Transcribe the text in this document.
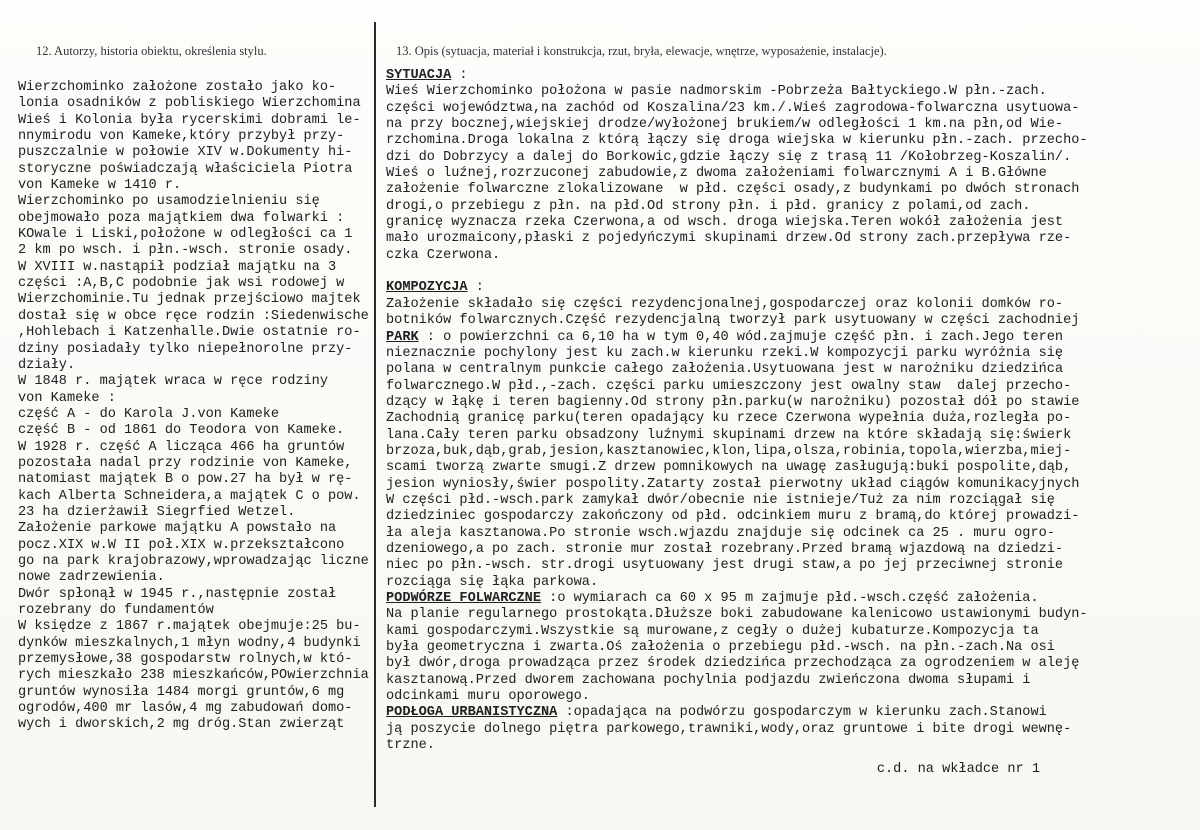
12. Autorzy, historia obiektu, określenia stylu.	13. Opis (sytuacja, materiał i konstrukcja, rzut, bryła, elewacje, wnętrze, wyposażenie, instalacje).
Wierzchominko założone zostało jako ko-
lonia osadników z pobliskiego Wierzchomina
Wieś i Kolonia była rycerskimi dobrami le-
nnymirodu von Kameke,który przybył przy-
puszczalnie w połowie XIV w.Dokumenty hi-
storyczne poświadczają właściciela Piotra
von Kameke w 1410 r.
Wierzchominko po usamodzielnieniu się
obejmowało poza majątkiem dwa folwarki :
KOwale i Liski,położone w odległości ca 1
2 km po wsch. i płn.-wsch. stronie osady.
W XVIII w.nastąpił podział majątku na 3
części :A,B,C podobnie jak wsi rodowej w
Wierzchominie.Tu jednak przejściowo majtek
dostał się w obce ręce rodzin :Siedenwische
,Hohlebach i Katzenhalle.Dwie ostatnie ro-
dziny posiadały tylko niepełnorolne przy-
działy.
W 1848 r. majątek wraca w ręce rodziny
von Kameke :
część A - do Karola J.von Kameke
część B - od 1861 do Teodora von Kameke.
W 1928 r. część A licząca 466 ha gruntów
pozostała nadal przy rodzinie von Kameke,
natomiast majątek B o pow.27 ha był w rę-
kach Alberta Schneidera,a majątek C o pow.
23 ha dzierżawił Siegrfied Wetzel.
Założenie parkowe majątku A powstało na
pocz.XIX w.W II poł.XIX w.przekształcono
go na park krajobrazowy,wprowadzając liczne
nowe zadrzewienia.
Dwór spłonął w 1945 r.,następnie został
rozebrany do fundamentów
W księdze z 1867 r.majątek obejmuje:25 bu-
dynków mieszkalnych,1 młyn wodny,4 budynki
przemysłowe,38 gospodarstw rolnych,w któ-
rych mieszkało 238 mieszkańców,POwierzchnia
gruntów wynosiła 1484 morgi gruntów,6 mg
ogrodów,400 mr lasów,4 mg zabudowań domo-
wych i dworskich,2 mg dróg.Stan zwierząt
SYTUACJA :
Wieś Wierzchominko położona w pasie nadmorskim -Pobrzeża Bałtyckiego.W płn.-zach.
części województwa,na zachód od Koszalina/23 km./.Wieś zagrodowa-folwarczna usytuowa-
na przy bocznej,wiejskiej drodze/wyłożonej brukiem/w odległości 1 km.na płn,od Wie-
rzchomina.Droga lokalna z którą łączy się droga wiejska w kierunku płn.-zach. przecho-
dzi do Dobrzycy a dalej do Borkowic,gdzie łączy się z trasą 11 /Kołobrzeg-Koszalin/.
Wieś o luźnej,rozrzuconej zabudowie,z dwoma założeniami folwarcznymi A i B.Główne
założenie folwarczne zlokalizowane  w płd. części osady,z budynkami po dwóch stronach
drogi,o przebiegu z płn. na płd.Od strony płn. i płd. granicy z polami,od zach.
granicę wyznacza rzeka Czerwona,a od wsch. droga wiejska.Teren wokół założenia jest
mało urozmaicony,płaski z pojedyńczymi skupinami drzew.Od strony zach.przepływa rze-
czka Czerwona.
KOMPOZYCJA :
Założenie składało się części rezydencjonalnej,gospodarczej oraz kolonii domków ro-
botników folwarcznych.Część rezydencjalną tworzył park usytuowany w części zachodniej
PARK : o powierzchni ca 6,10 ha w tym 0,40 wód.zajmuje część płn. i zach.Jego teren
nieznacznie pochylony jest ku zach.w kierunku rzeki.W kompozycji parku wyróżnia się
polana w centralnym punkcie całego założenia.Usytuowana jest w narożniku dziedzińca
folwarcznego.W płd.,-zach. części parku umieszczony jest owalny staw  dalej przecho-
dzący w łąkę i teren bagienny.Od strony płn.parku(w narożniku) pozostał dół po stawie
Zachodnią granicę parku(teren opadający ku rzece Czerwona wypełnia duża,rozległa po-
lana.Cały teren parku obsadzony luźnymi skupinami drzew na które składają się:świerk
brzoza,buk,dąb,grab,jesion,kasztanowiec,klon,lipa,olsza,robinia,topola,wierzba,miej-
scami tworzą zwarte smugi.Z drzew pomnikowych na uwagę zasługują:buki pospolite,dąb,
jesion wyniosły,świer pospolity.Zatarty został pierwotny układ ciągów komunikacyjnych
W części płd.-wsch.park zamykał dwór/obecnie nie istnieje/Tuż za nim rozciągał się
dziedziniec gospodarczy zakończony od płd. odcinkiem muru z bramą,do której prowadzi-
ła aleja kasztanowa.Po stronie wsch.wjazdu znajduje się odcinek ca 25 . muru ogro-
dzeniowego,a po zach. stronie mur został rozebrany.Przed bramą wjazdową na dziedzi-
niec po płn.-wsch. str.drogi usytuowany jest drugi staw,a po jej przeciwnej stronie
rozciąga się łąka parkowa.
PODWÓRZE FOLWARCZNE :o wymiarach ca 60 x 95 m zajmuje płd.-wsch.część założenia.
Na planie regularnego prostokąta.Dłuższe boki zabudowane kalenicowo ustawionymi budyn-
kami gospodarczymi.Wszystkie są murowane,z cegły o dużej kubaturze.Kompozycja ta
była geometryczna i zwarta.Oś założenia o przebiegu płd.-wsch. na płn.-zach.Na osi
był dwór,droga prowadząca przez środek dziedzińca przechodząca za ogrodzeniem w aleję
kasztanową.Przed dworem zachowana pochylnia podjazdu zwieńczona dwoma słupami i
odcinkami muru oporowego.
PODŁOGA URBANISTYCZNA :opadająca na podwórzu gospodarczym w kierunku zach.Stanowi
ją poszycie dolnego piętra parkowego,trawniki,wody,oraz gruntowe i bite drogi wewnę-
trzne.
c.d. na wkładce nr 1
